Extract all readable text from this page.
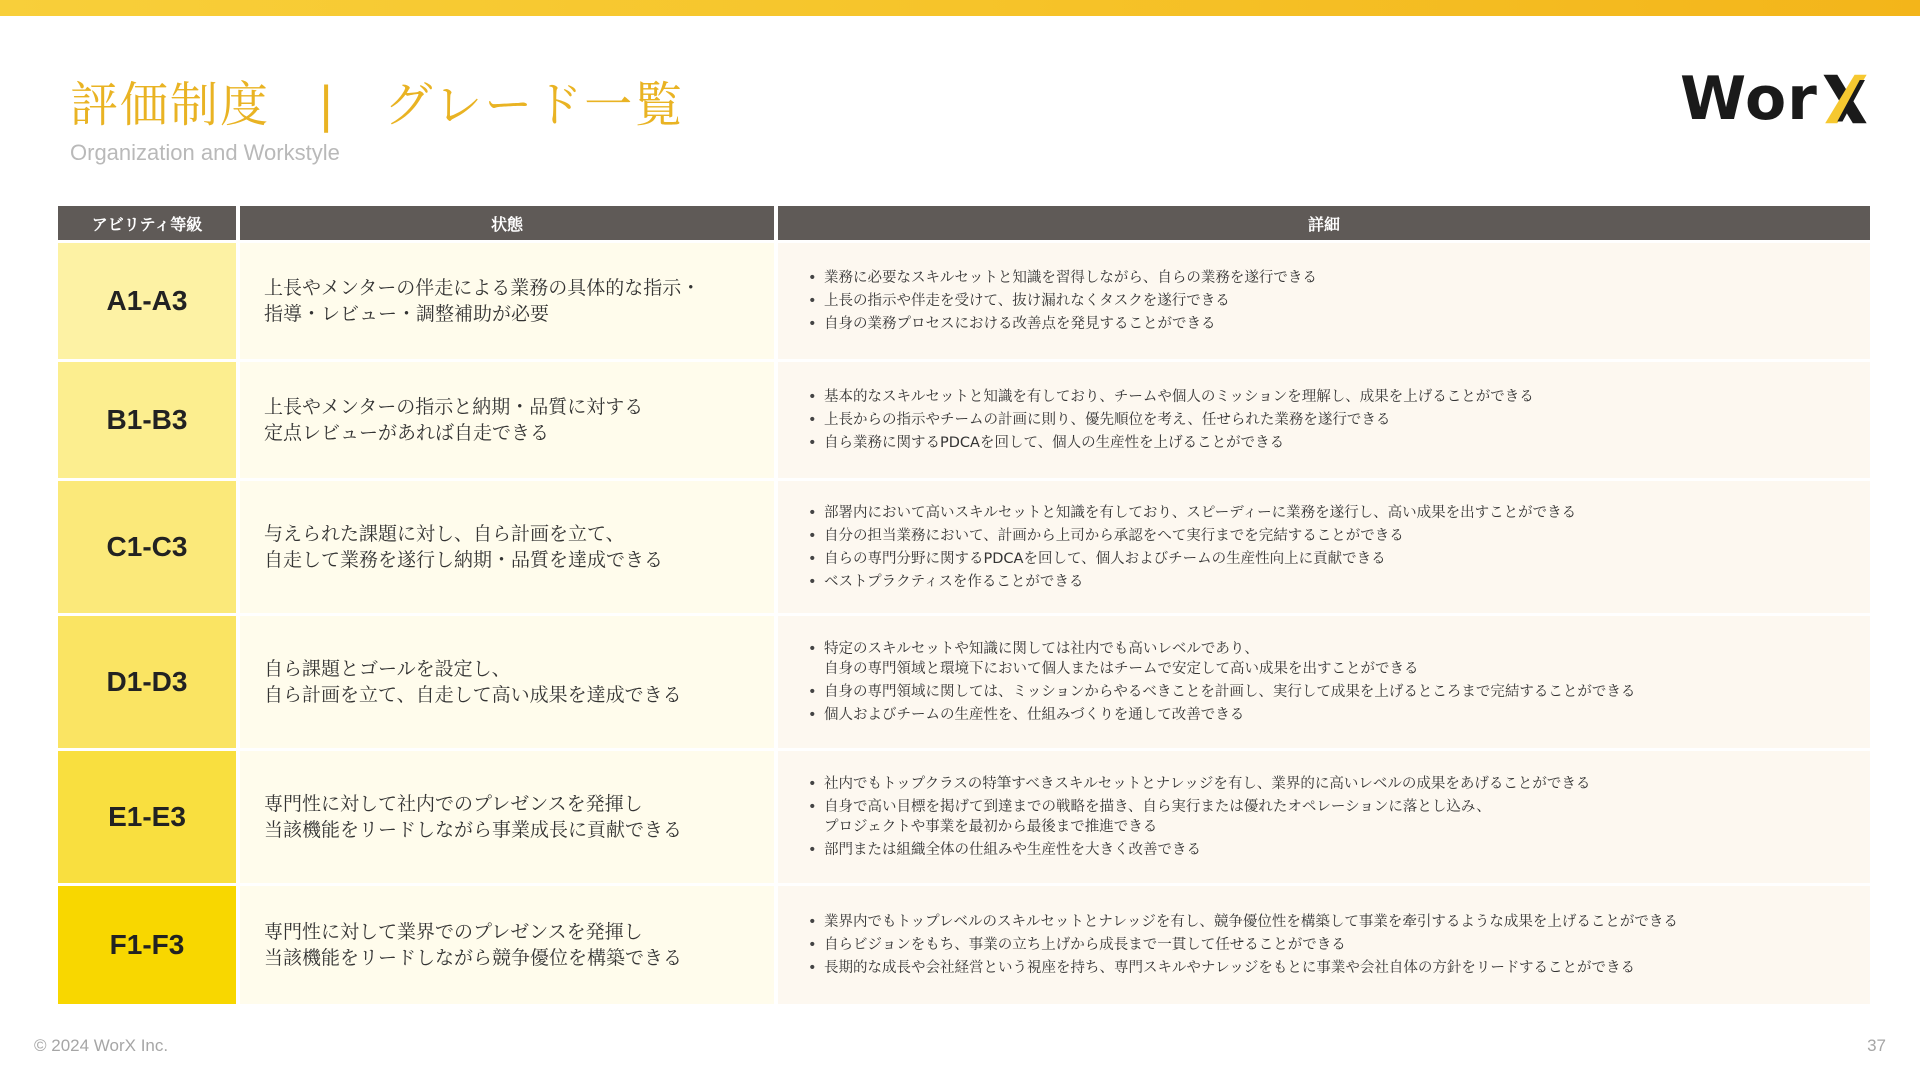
評価制度 | グレード一覧
Organization and Workstyle
Wor
アビリティ等級	状態	詳細
A1-A3	上長やメンターの伴走による業務の具体的な指示・
指導・レビュー・調整補助が必要
• 業務に必要なスキルセットと知識を習得しながら、自らの業務を遂行できる
• 上長の指示や伴走を受けて、抜け漏れなくタスクを遂行できる
• 自身の業務プロセスにおける改善点を発見することができる
B1-B3	上長やメンターの指示と納期・品質に対する
定点レビューがあれば自走できる
• 基本的なスキルセットと知識を有しており、チームや個人のミッションを理解し、成果を上げることができる
• 上長からの指示やチームの計画に則り、優先順位を考え、任せられた業務を遂行できる
• 自ら業務に関するPDCAを回して、個人の生産性を上げることができる
C1-C3	与えられた課題に対し、自ら計画を立て、
自走して業務を遂行し納期・品質を達成できる
• 部署内において高いスキルセットと知識を有しており、スピーディーに業務を遂行し、高い成果を出すことができる
• 自分の担当業務において、計画から上司から承認をへて実行までを完結することができる
• 自らの専門分野に関するPDCAを回して、個人およびチームの生産性向上に貢献できる
• ベストプラクティスを作ることができる
D1-D3	自ら課題とゴールを設定し、
自ら計画を立て、自走して高い成果を達成できる
• 特定のスキルセットや知識に関しては社内でも高いレベルであり、
自身の専門領域と環境下において個人またはチームで安定して高い成果を出すことができる
• 自身の専門領域に関しては、ミッションからやるべきことを計画し、実行して成果を上げるところまで完結することができる
• 個人およびチームの生産性を、仕組みづくりを通して改善できる
E1-E3	専門性に対して社内でのプレゼンスを発揮し
当該機能をリードしながら事業成長に貢献できる
• 社内でもトップクラスの特筆すべきスキルセットとナレッジを有し、業界的に高いレベルの成果をあげることができる
• 自身で高い目標を掲げて到達までの戦略を描き、自ら実行または優れたオペレーションに落とし込み、
プロジェクトや事業を最初から最後まで推進できる
• 部門または組織全体の仕組みや生産性を大きく改善できる
F1-F3	専門性に対して業界でのプレゼンスを発揮し
当該機能をリードしながら競争優位を構築できる
• 業界内でもトップレベルのスキルセットとナレッジを有し、競争優位性を構築して事業を牽引するような成果を上げることができる
• 自らビジョンをもち、事業の立ち上げから成長まで一貫して任せることができる
• 長期的な成長や会社経営という視座を持ち、専門スキルやナレッジをもとに事業や会社自体の方針をリードすることができる
© 2024 WorX Inc.	37
